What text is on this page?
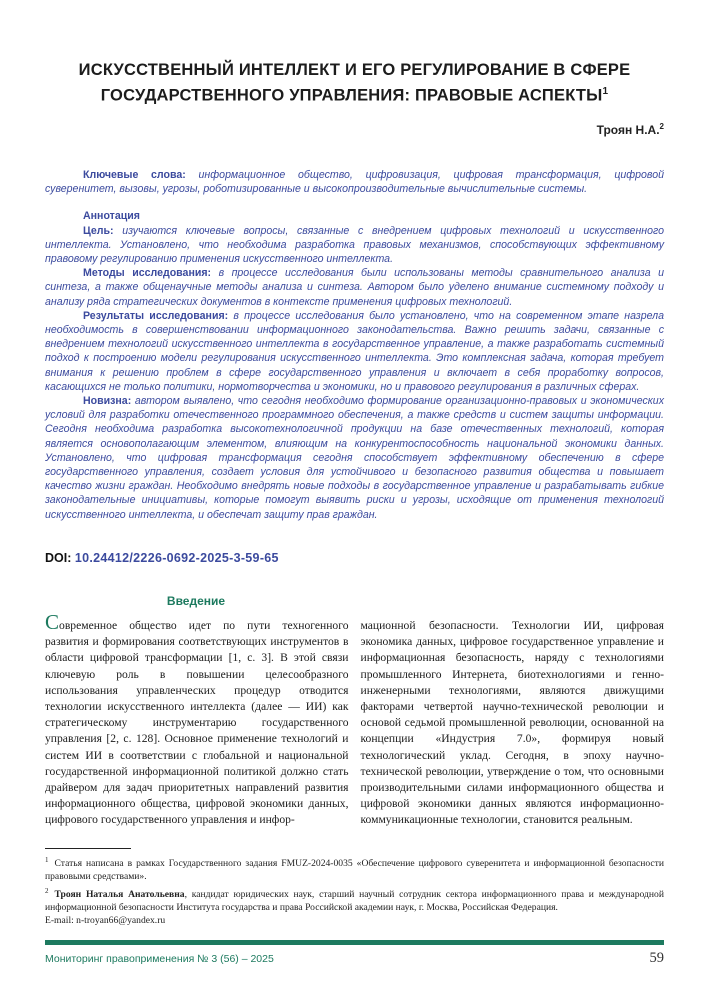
ИСКУССТВЕННЫЙ ИНТЕЛЛЕКТ И ЕГО РЕГУЛИРОВАНИЕ В СФЕРЕ ГОСУДАРСТВЕННОГО УПРАВЛЕНИЯ: ПРАВОВЫЕ АСПЕКТЫ$^1$
Троян Н.А.$^2$

Ключевые слова: информационное общество, цифровизация, цифровая трансформация, цифровой суверенитет, вызовы, угрозы, роботизированные и высокопроизводительные вычислительные системы.

Аннотация

Цель: изучаются ключевые вопросы, связанные с внедрением цифровых технологий и искусственного интеллекта. Установлено, что необходима разработка правовых механизмов, способствующих эффективному правовому регулированию применения искусственного интеллекта.

Методы исследования: в процессе исследования были использованы методы сравнительного анализа и синтеза, а также общенаучные методы анализа и синтеза. Автором было уделено внимание системному подходу и анализу ряда стратегических документов в контексте применения цифровых технологий.

Результаты исследования: в процессе исследования было установлено, что на современном этапе назрела необходимость в совершенствовании информационного законодательства. Важно решить задачи, связанные с внедрением технологий искусственного интеллекта в государственное управление, а также разработать системный подход к построению модели регулирования искусственного интеллекта. Это комплексная задача, которая требует внимания к решению проблем в сфере государственного управления и включает в себя проработку вопросов, касающихся не только политики, нормотворчества и экономики, но и правового регулирования в различных сферах.

Новизна: автором выявлено, что сегодня необходимо формирование организационно-правовых и экономических условий для разработки отечественного программного обеспечения, а также средств и систем защиты информации. Сегодня необходима разработка высокотехнологичной продукции на базе отечественных технологий, которая является основополагающим элементом, влияющим на конкурентоспособность национальной экономики данных. Установлено, что цифровая трансформация сегодня способствует эффективному обеспечению в сфере государственного управления, создает условия для устойчивого и безопасного развития общества и повышает качество жизни граждан. Необходимо внедрять новые подходы в государственное управление и разрабатывать гибкие законодательные инициативы, которые помогут выявить риски и угрозы, исходящие от применения технологий искусственного интеллекта, и обеспечат защиту прав граждан.

DOI: 10.24412/2226-0692-2025-3-59-65
Введение

Современное общество идет по пути техногенного развития и формирования соответствующих инструментов в области цифровой трансформации [1, с. 3]. В этой связи ключевую роль в повышении целесообразного использования управленческих процедур отводится технологии искусственного интеллекта (далее — ИИ) как стратегическому инструментарию государственного управления [2, с. 128]. Основное применение технологий и систем ИИ в соответствии с глобальной и национальной государственной информационной политикой должно стать драйвером для задач приоритетных направлений развития информационного общества, цифровой экономики данных, цифрового государственного управления и инфор-

мационной безопасности. Технологии ИИ, цифровая экономика данных, цифровое государственное управление и информационная безопасность, наряду с технологиями промышленного Интернета, биотехнологиями и генно-инженерными технологиями, являются движущими факторами четвертой научно-технической революции и основой седьмой промышленной революции, основанной на концепции «Индустрия 7.0», формируя новый технологический уклад. Сегодня, в эпоху научно-технической революции, утверждение о том, что основными производительными силами информационного общества и цифровой экономики данных являются информационно-коммуникационные технологии, становится реальным.

$^1$ Статья написана в рамках Государственного задания FMUZ-2024-0035 «Обеспечение цифрового суверенитета и информационной безопасности правовыми средствами».

$^2$ Троян Наталья Анатольевна, кандидат юридических наук, старший научный сотрудник сектора информационного права и международной информационной безопасности Института государства и права Российской академии наук, г. Москва, Российская Федерация.
E-mail: n-troyan66@yandex.ru

Мониторинг правоприменения № 3 (56) – 2025	59
